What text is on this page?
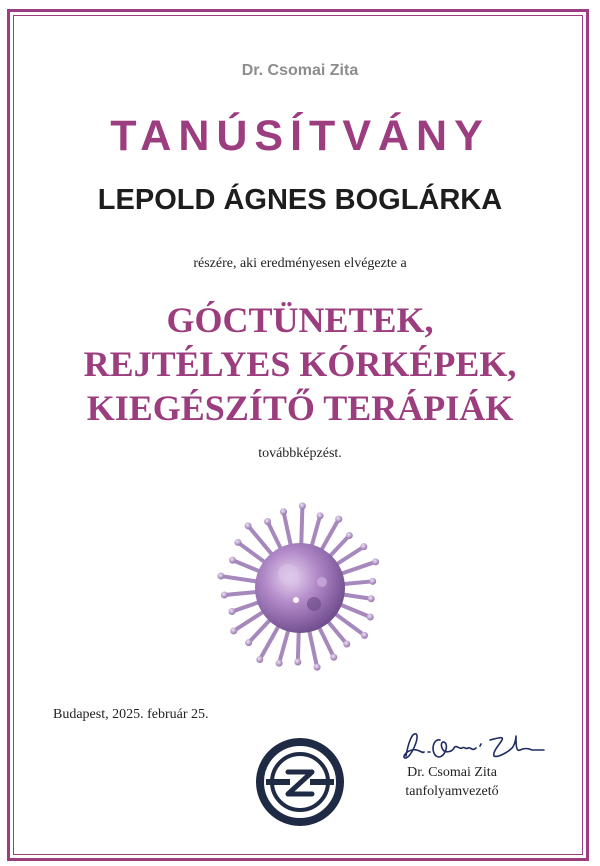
Dr. Csomai Zita
TANÚSÍTVÁNY
LEPOLD ÁGNES BOGLÁRKA
részére, aki eredményesen elvégezte a
GÓCTÜNETEK,
REJTÉLYES KÓRKÉPEK,
KIEGÉSZÍTŐ TERÁPIÁK
továbbképzést.
Budapest, 2025. február 25.
Dr. Csomai Zita
tanfolyamvezető
